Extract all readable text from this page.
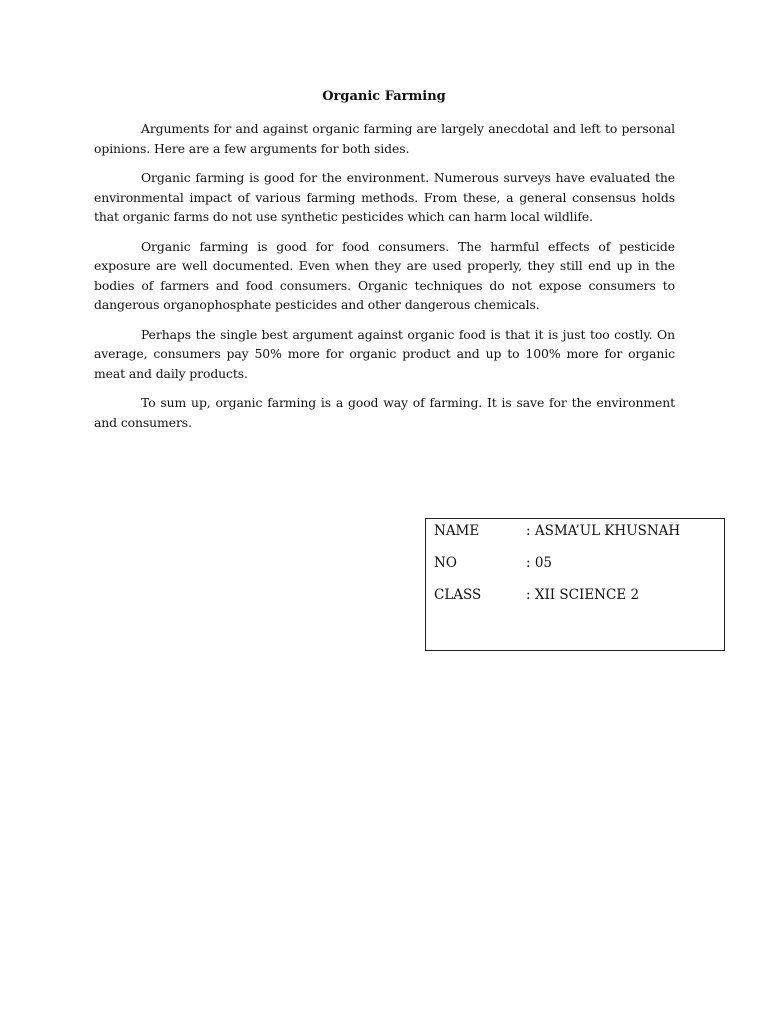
Organic Farming

Arguments for and against organic farming are largely anecdotal and left to personal opinions. Here are a few arguments for both sides.

Organic farming is good for the environment. Numerous surveys have evaluated the environmental impact of various farming methods. From these, a general consensus holds that organic farms do not use synthetic pesticides which can harm local wildlife.

Organic farming is good for food consumers. The harmful effects of pesticide exposure are well documented. Even when they are used properly, they still end up in the bodies of farmers and food consumers. Organic techniques do not expose consumers to dangerous organophosphate pesticides and other dangerous chemicals.

Perhaps the single best argument against organic food is that it is just too costly. On average, consumers pay 50% more for organic product and up to 100% more for organic meat and daily products.

To sum up, organic farming is a good way of farming. It is save for the environment and consumers.

NAME	: ASMA’UL KHUSNAH
NO	: 05
CLASS	: XII SCIENCE 2
